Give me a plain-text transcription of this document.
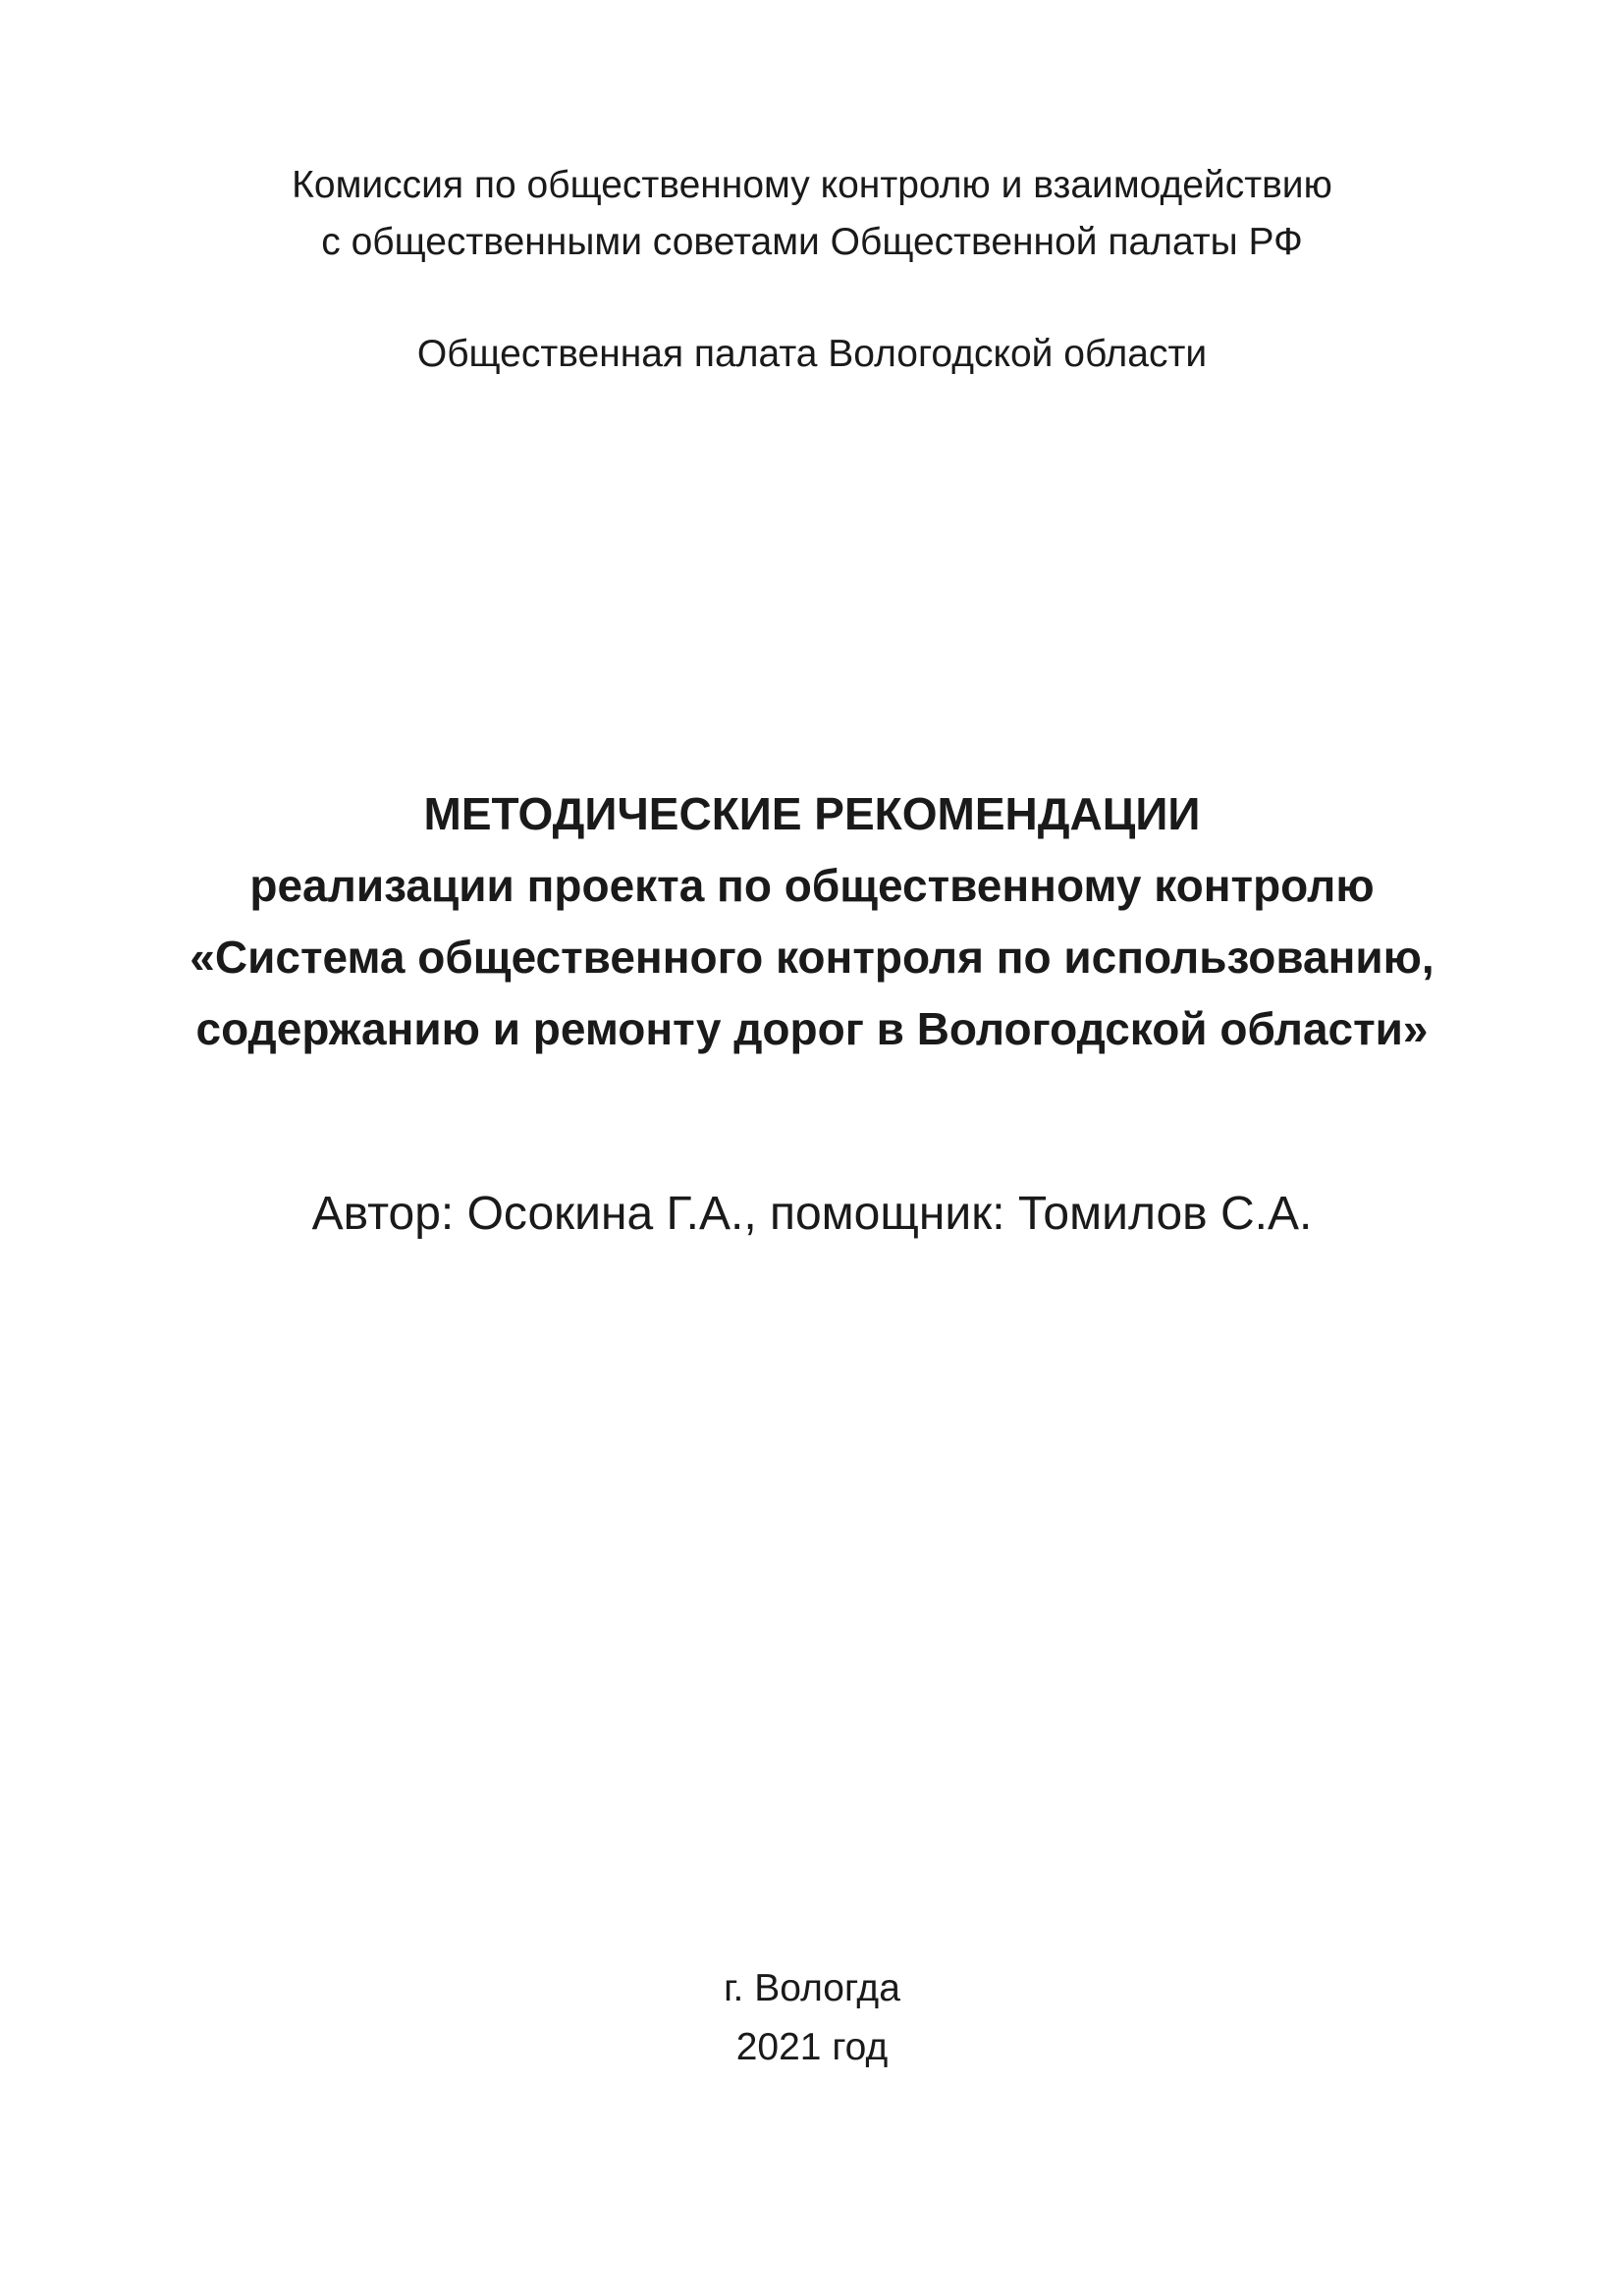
Комиссия по общественному контролю и взаимодействию
с общественными советами Общественной палаты РФ
Общественная палата Вологодской области
МЕТОДИЧЕСКИЕ РЕКОМЕНДАЦИИ
реализации проекта по общественному контролю
«Система общественного контроля по использованию,
содержанию и ремонту дорог в Вологодской области»
Автор: Осокина Г.А., помощник: Томилов С.А.
г. Вологда
2021 год
